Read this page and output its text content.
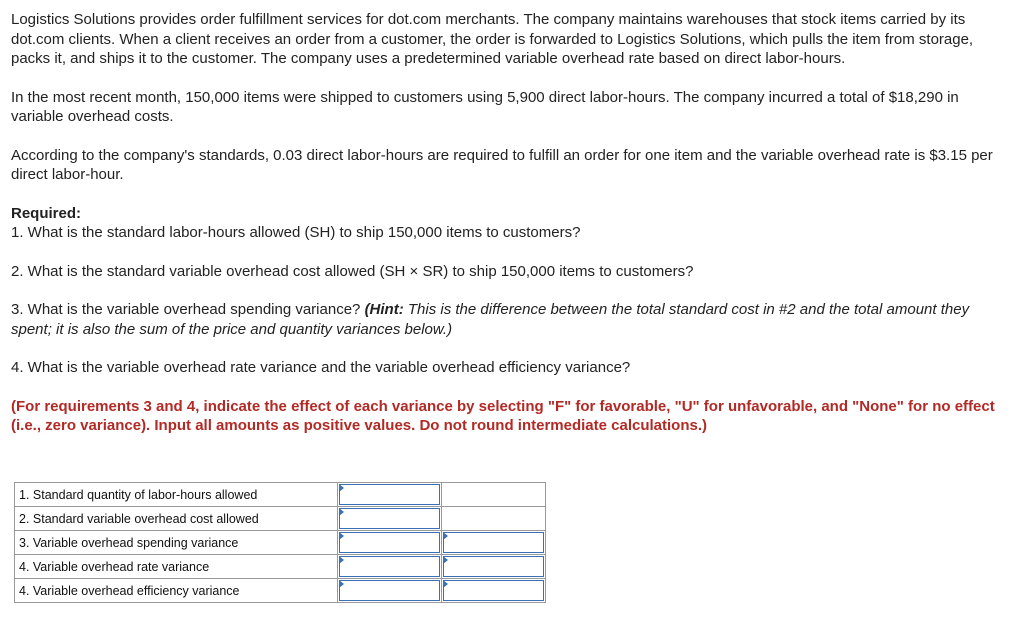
Logistics Solutions provides order fulfillment services for dot.com merchants. The company maintains warehouses that stock items carried by its dot.com clients. When a client receives an order from a customer, the order is forwarded to Logistics Solutions, which pulls the item from storage, packs it, and ships it to the customer. The company uses a predetermined variable overhead rate based on direct labor-hours.

In the most recent month, 150,000 items were shipped to customers using 5,900 direct labor-hours. The company incurred a total of $18,290 in variable overhead costs.

According to the company's standards, 0.03 direct labor-hours are required to fulfill an order for one item and the variable overhead rate is $3.15 per direct labor-hour.

Required:

1. What is the standard labor-hours allowed (SH) to ship 150,000 items to customers?

2. What is the standard variable overhead cost allowed (SH × SR) to ship 150,000 items to customers?

3. What is the variable overhead spending variance? (Hint: This is the difference between the total standard cost in #2 and the total amount they spent; it is also the sum of the price and quantity variances below.)

4. What is the variable overhead rate variance and the variable overhead efficiency variance?

(For requirements 3 and 4, indicate the effect of each variance by selecting "F" for favorable, "U" for unfavorable, and "None" for no effect (i.e., zero variance). Input all amounts as positive values. Do not round intermediate calculations.)
1. Standard quantity of labor-hours allowed	

2. Standard variable overhead cost allowed	

3. Variable overhead spending variance	

4. Variable overhead rate variance	

4. Variable overhead efficiency variance	
